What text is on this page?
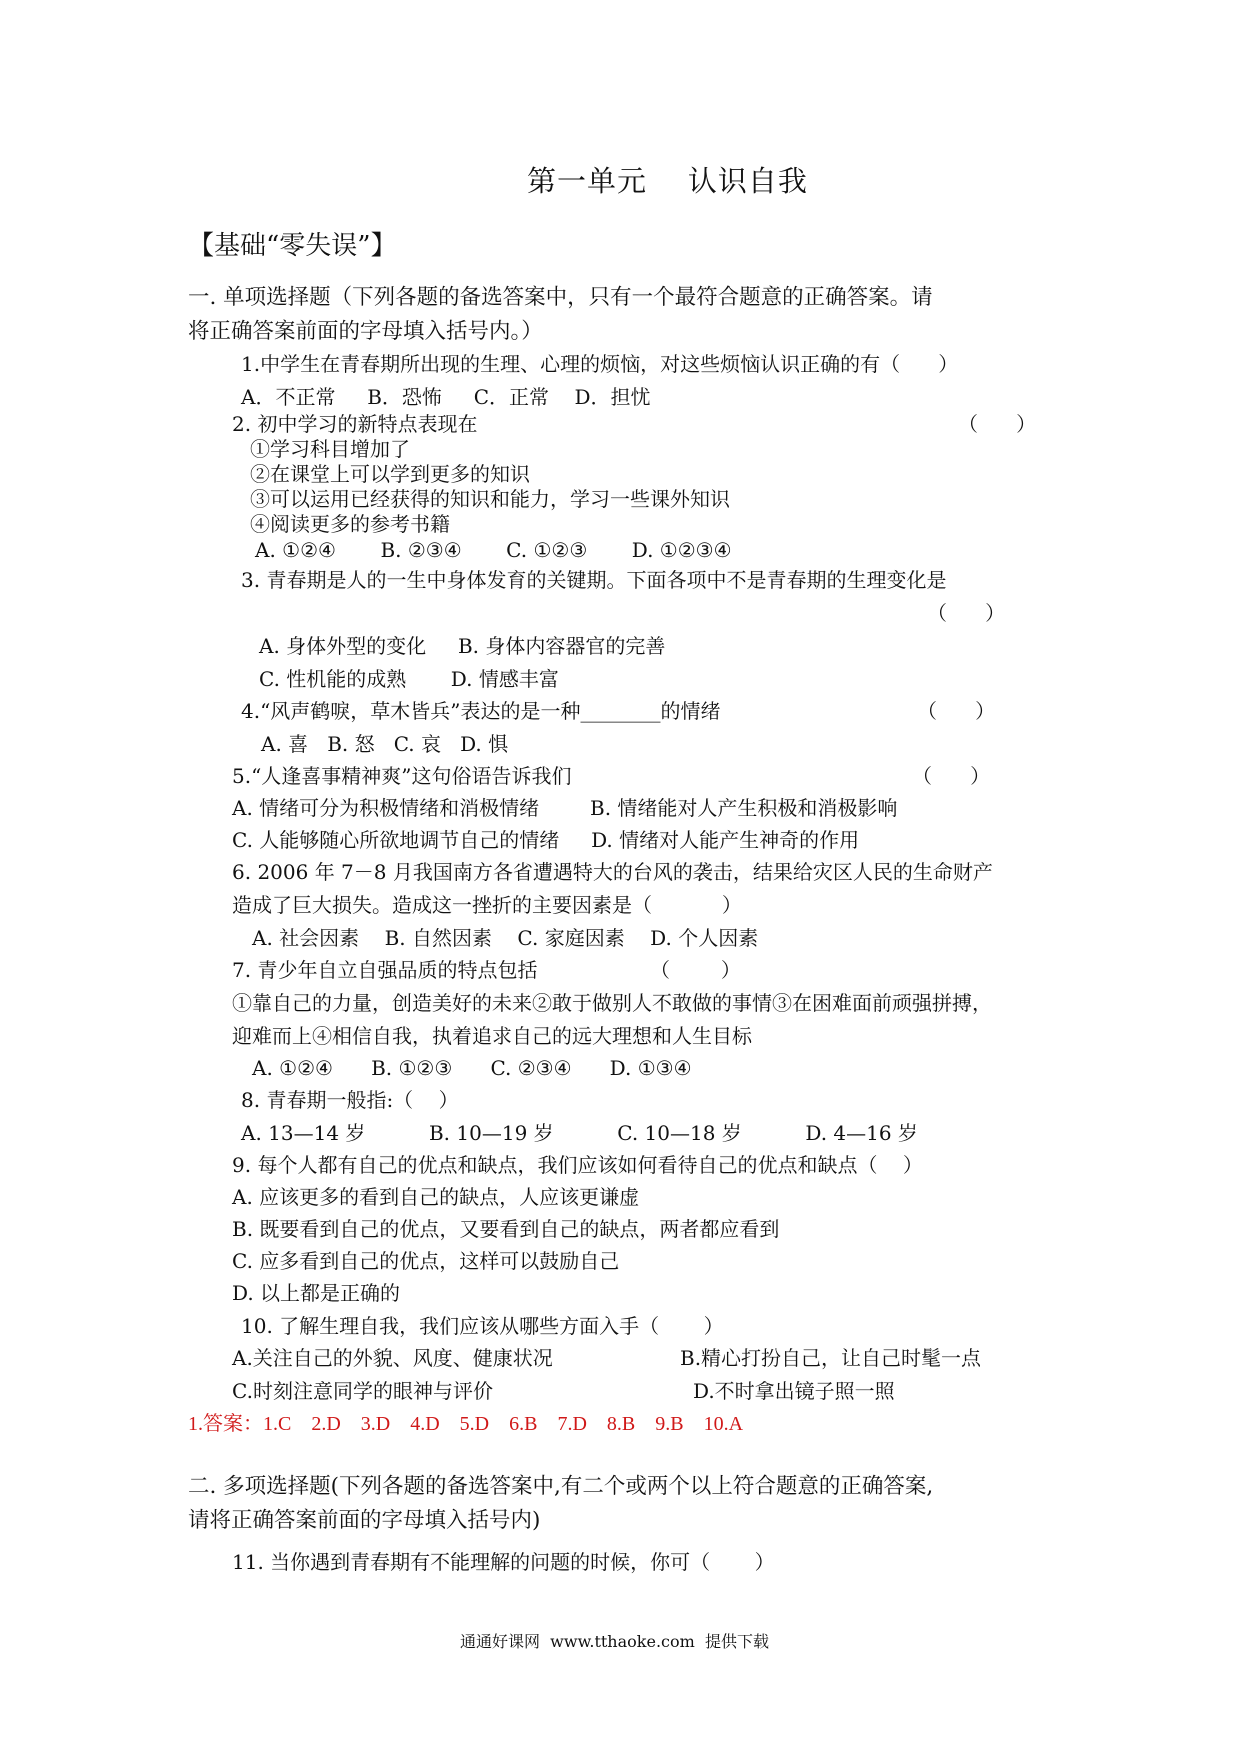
第一单元    认识自我
【基础“零失误”】
一. 单项选择题（下列各题的备选答案中，只有一个最符合题意的正确答案。请
将正确答案前面的字母填入括号内。）
1.中学生在青春期所出现的生理、心理的烦恼，对这些烦恼认识正确的有（      ）
A．不正常     B．恐怖     C．正常    D．担忧
2. 初中学习的新特点表现在	（      ）
①学习科目增加了
②在课堂上可以学到更多的知识
③可以运用已经获得的知识和能力，学习一些课外知识
④阅读更多的参考书籍
A. ①②④       B. ②③④       C. ①②③       D. ①②③④
3. 青春期是人的一生中身体发育的关键期。下面各项中不是青春期的生理变化是
（      ）
A. 身体外型的变化     B. 身体内容器官的完善
C. 性机能的成熟       D. 情感丰富
4.“风声鹤唳，草木皆兵”表达的是一种________的情绪	（      ）
A. 喜   B. 怒   C. 哀   D. 惧
5.“人逢喜事精神爽”这句俗语告诉我们	（      ）
A. 情绪可分为积极情绪和消极情绪        B. 情绪能对人产生积极和消极影响
C. 人能够随心所欲地调节自己的情绪     D. 情绪对人能产生神奇的作用
6. 2006 年 7－8 月我国南方各省遭遇特大的台风的袭击，结果给灾区人民的生命财产
造成了巨大损失。造成这一挫折的主要因素是（           ）
A. 社会因素    B. 自然因素    C. 家庭因素    D. 个人因素
7. 青少年自立自强品质的特点包括	（        ）
①靠自己的力量，创造美好的未来②敢于做别人不敢做的事情③在困难面前顽强拼搏，
迎难而上④相信自我，执着追求自己的远大理想和人生目标
A. ①②④      B. ①②③      C. ②③④      D. ①③④
8. 青春期一般指:（    ）
A. 13—14 岁          B. 10—19 岁          C. 10—18 岁          D. 4—16 岁
9. 每个人都有自己的优点和缺点，我们应该如何看待自己的优点和缺点（    ）
A. 应该更多的看到自己的缺点，人应该更谦虚
B. 既要看到自己的优点，又要看到自己的缺点，两者都应看到
C. 应多看到自己的优点，这样可以鼓励自己
D. 以上都是正确的
10. 了解生理自我，我们应该从哪些方面入手（       ）
A.关注自己的外貌、风度、健康状况	B.精心打扮自己，让自己时髦一点
C.时刻注意同学的眼神与评价	D.不时拿出镜子照一照
1.答案：1.C    2.D    3.D    4.D    5.D    6.B    7.D    8.B    9.B    10.A
二. 多项选择题(下列各题的备选答案中,有二个或两个以上符合题意的正确答案,
请将正确答案前面的字母填入括号内)
11. 当你遇到青春期有不能理解的问题的时候，你可（       ）
通通好课网  www.tthaoke.com  提供下载
